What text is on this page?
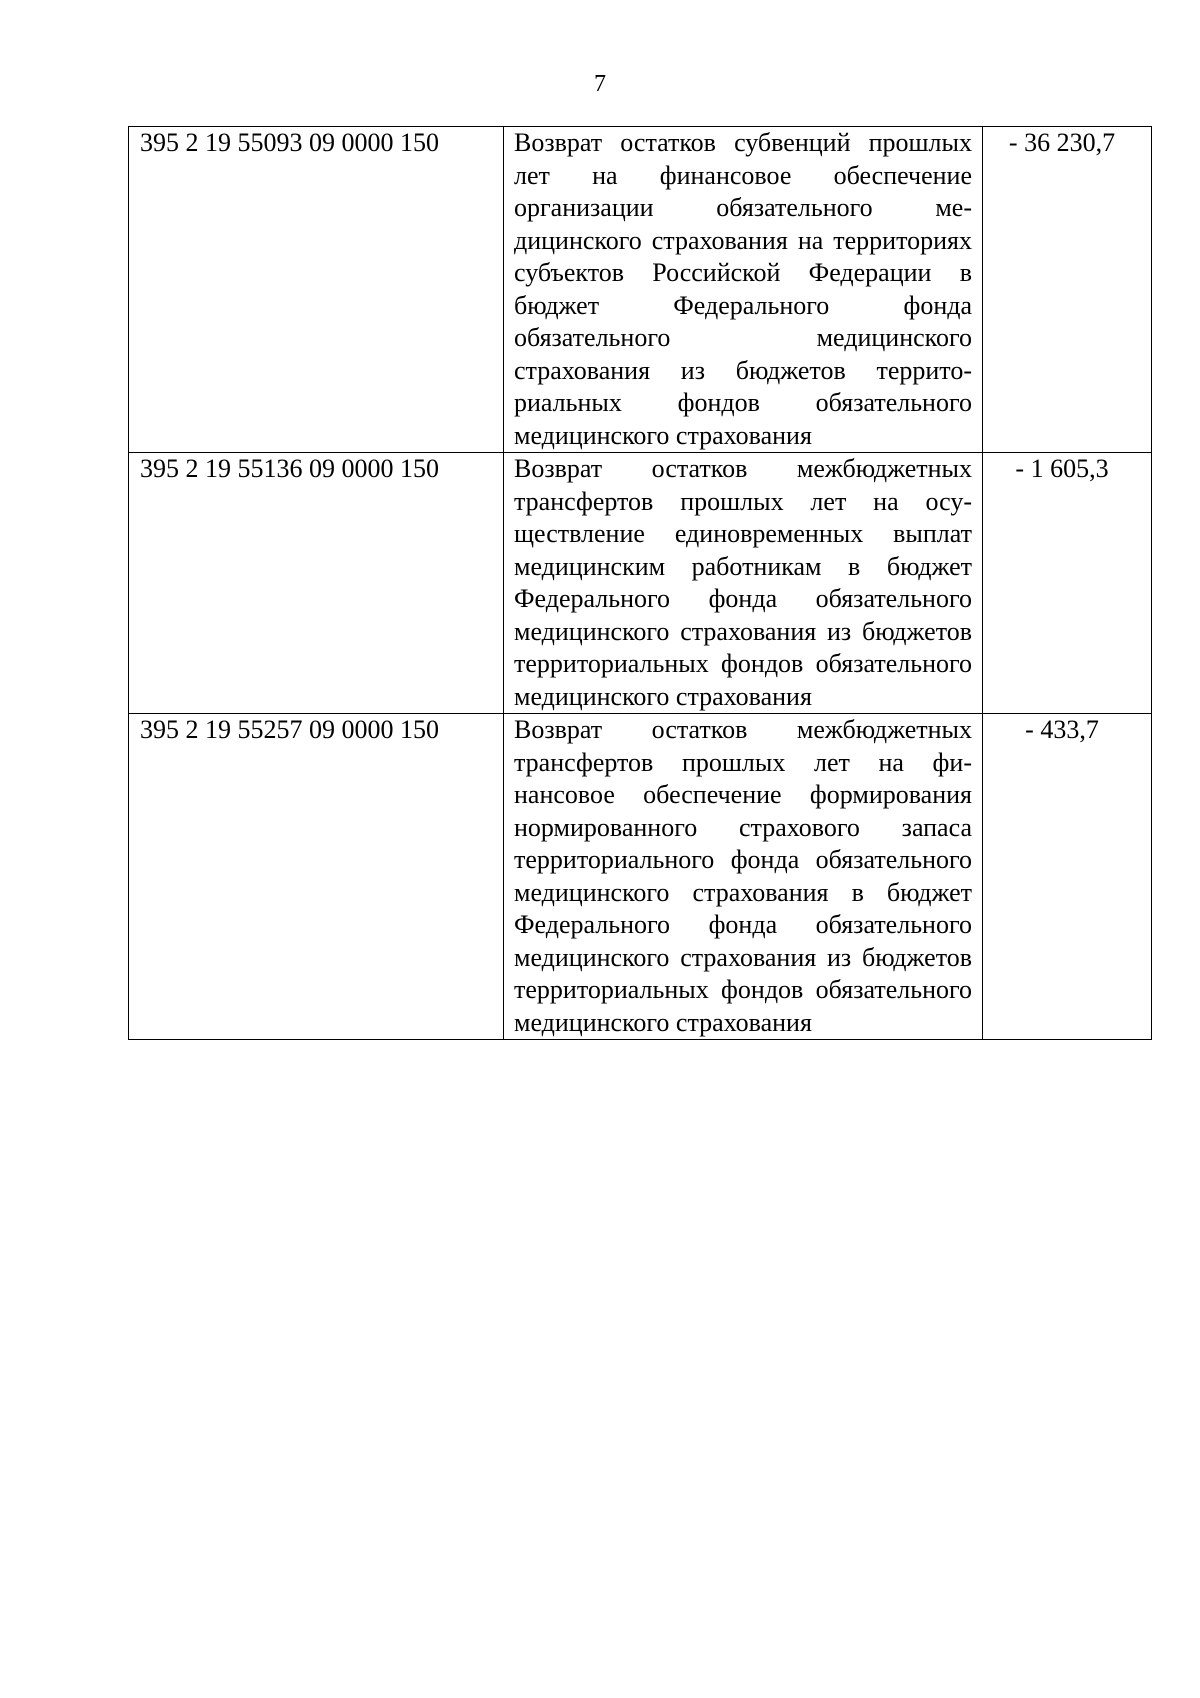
7
395 2 19 55093 09 0000 150	Возврат остатков субвенций прошлых лет на финансовое обеспечение организации обязательного медицинского страхования на территориях субъектов Российской Федерации в бюджет Федерального фонда обязательного медицинского страхования из бюджетов территориальных фондов обязательного медицинского страхования	- 36 230,7
395 2 19 55136 09 0000 150	Возврат остатков межбюджетных трансфертов прошлых лет на осуществление единовременных выплат медицинским работникам в бюджет Федерального фонда обязательного медицинского страхования из бюджетов территориальных фондов обязательного медицинского страхования	- 1 605,3
395 2 19 55257 09 0000 150	Возврат остатков межбюджетных трансфертов прошлых лет на финансовое обеспечение формирования нормированного страхового запаса территориального фонда обязательного медицинского страхования в бюджет Федерального фонда обязательного медицинского страхования из бюджетов территориальных фондов обязательного медицинского страхования	- 433,7
